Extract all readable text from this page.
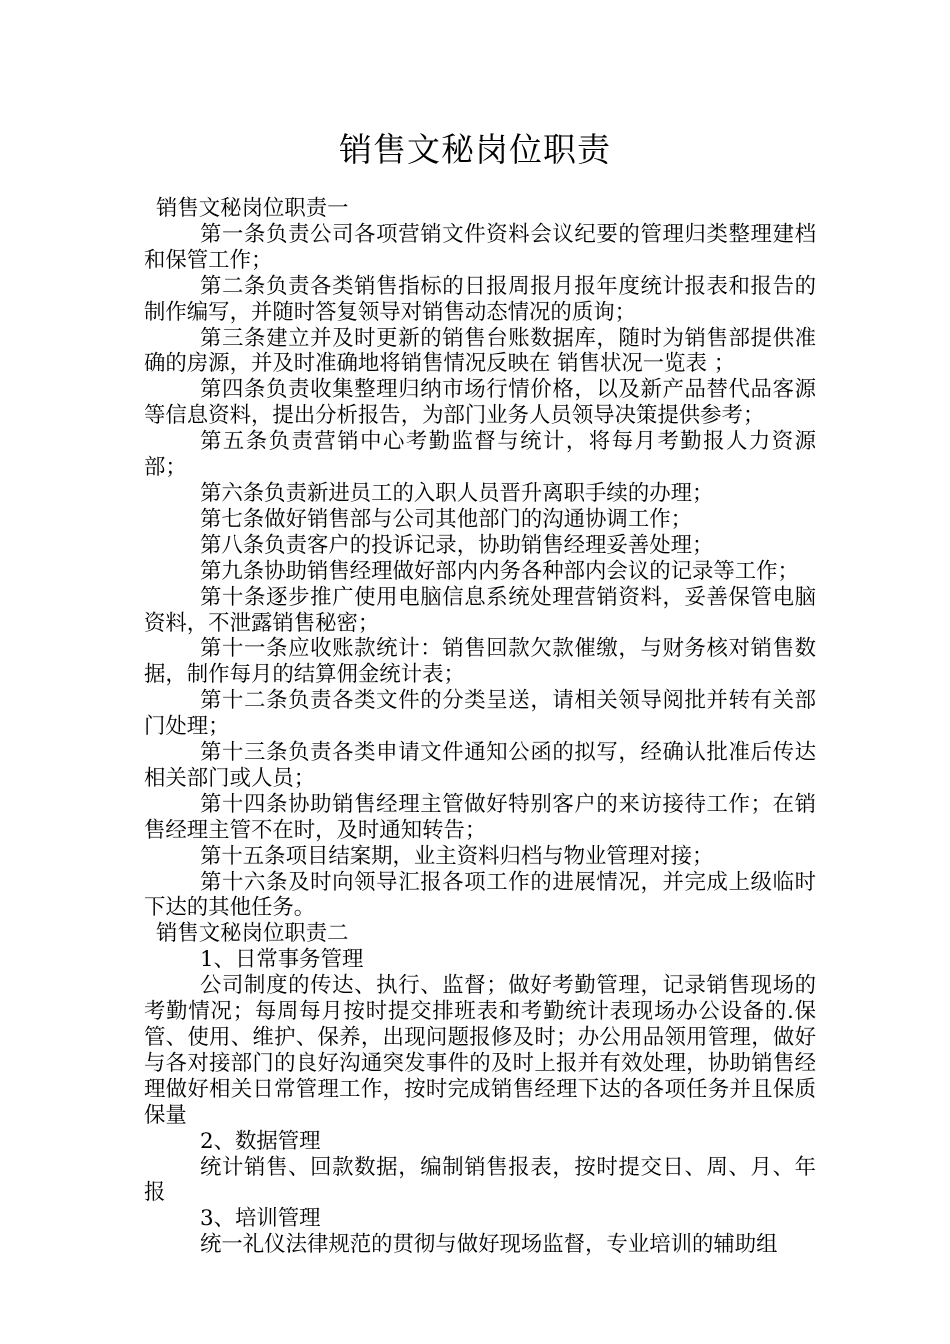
销售文秘岗位职责

销售文秘岗位职责一

第一条负责公司各项营销文件资料会议纪要的管理归类整理建档和保管工作；

第二条负责各类销售指标的日报周报月报年度统计报表和报告的制作编写，并随时答复领导对销售动态情况的质询；

第三条建立并及时更新的销售台账数据库，随时为销售部提供准确的房源，并及时准确地将销售情况反映在 销售状况一览表 ；

第四条负责收集整理归纳市场行情价格，以及新产品替代品客源等信息资料，提出分析报告，为部门业务人员领导决策提供参考；

第五条负责营销中心考勤监督与统计，将每月考勤报人力资源部；

第六条负责新进员工的入职人员晋升离职手续的办理；

第七条做好销售部与公司其他部门的沟通协调工作；

第八条负责客户的投诉记录，协助销售经理妥善处理；

第九条协助销售经理做好部内内务各种部内会议的记录等工作；

第十条逐步推广使用电脑信息系统处理营销资料，妥善保管电脑资料，不泄露销售秘密；

第十一条应收账款统计：销售回款欠款催缴，与财务核对销售数据，制作每月的结算佣金统计表；

第十二条负责各类文件的分类呈送，请相关领导阅批并转有关部门处理；

第十三条负责各类申请文件通知公函的拟写，经确认批准后传达相关部门或人员；

第十四条协助销售经理主管做好特别客户的来访接待工作；在销售经理主管不在时，及时通知转告；

第十五条项目结案期，业主资料归档与物业管理对接；

第十六条及时向领导汇报各项工作的进展情况，并完成上级临时下达的其他任务。

销售文秘岗位职责二

1、日常事务管理

公司制度的传达、执行、监督；做好考勤管理，记录销售现场的考勤情况；每周每月按时提交排班表和考勤统计表现场办公设备的.保管、使用、维护、保养，出现问题报修及时；办公用品领用管理，做好与各对接部门的良好沟通突发事件的及时上报并有效处理，协助销售经理做好相关日常管理工作，按时完成销售经理下达的各项任务并且保质保量

2、数据管理

统计销售、回款数据，编制销售报表，按时提交日、周、月、年报

3、培训管理

统一礼仪法律规范的贯彻与做好现场监督，专业培训的辅助组
